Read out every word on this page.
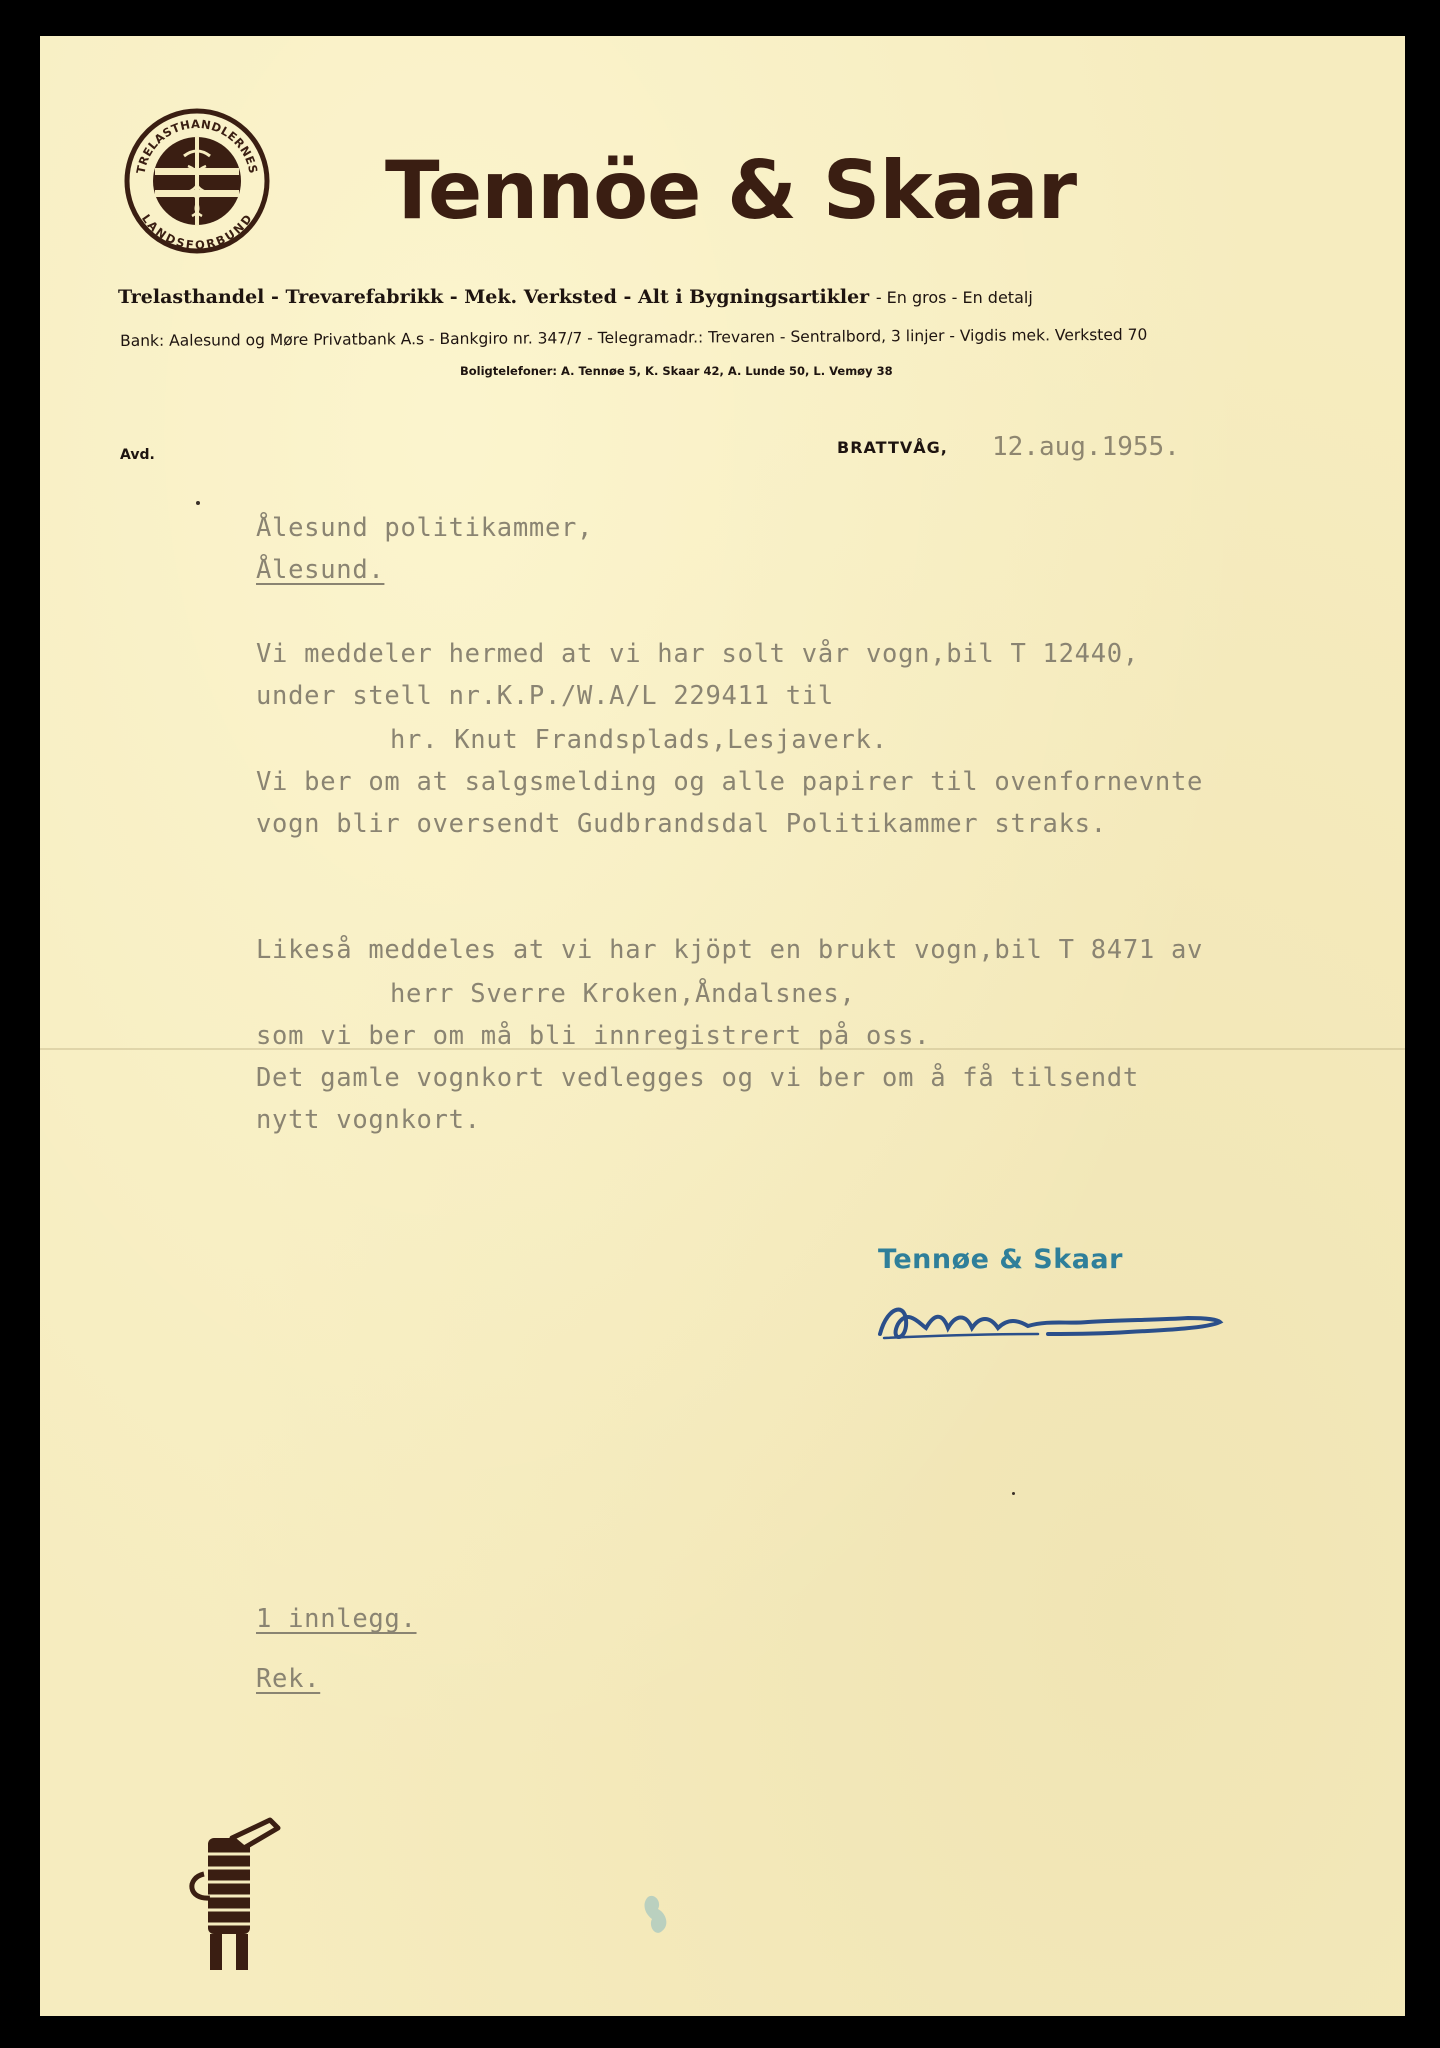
TRELASTHANDLERNES
LANDSFORBUND Tennöe & Skaar
Trelasthandel - Trevarefabrikk - Mek. Verksted - Alt i Bygningsartikler - En gros - En detalj
Bank: Aalesund og Møre Privatbank A.s - Bankgiro nr. 347/7 - Telegramadr.: Trevaren - Sentralbord, 3 linjer - Vigdis mek. Verksted 70
Boligtelefoner: A. Tennøe 5, K. Skaar 42, A. Lunde 50, L. Vemøy 38
Avd.	BRATTVÅG, 12.aug.1955.
Ålesund politikammer,
Ålesund.
Vi meddeler hermed at vi har solt vår vogn,bil T 12440,
under stell nr.K.P./W.A/L 229411 til
hr. Knut Frandsplads,Lesjaverk.
Vi ber om at salgsmelding og alle papirer til ovenfornevnte
vogn blir oversendt Gudbrandsdal Politikammer straks.
Likeså meddeles at vi har kjöpt en brukt vogn,bil T 8471 av
herr Sverre Kroken,Åndalsnes,
som vi ber om må bli innregistrert på oss.
Det gamle vognkort vedlegges og vi ber om å få tilsendt
nytt vognkort.
Tennøe & Skaar
1 innlegg.
Rek.
